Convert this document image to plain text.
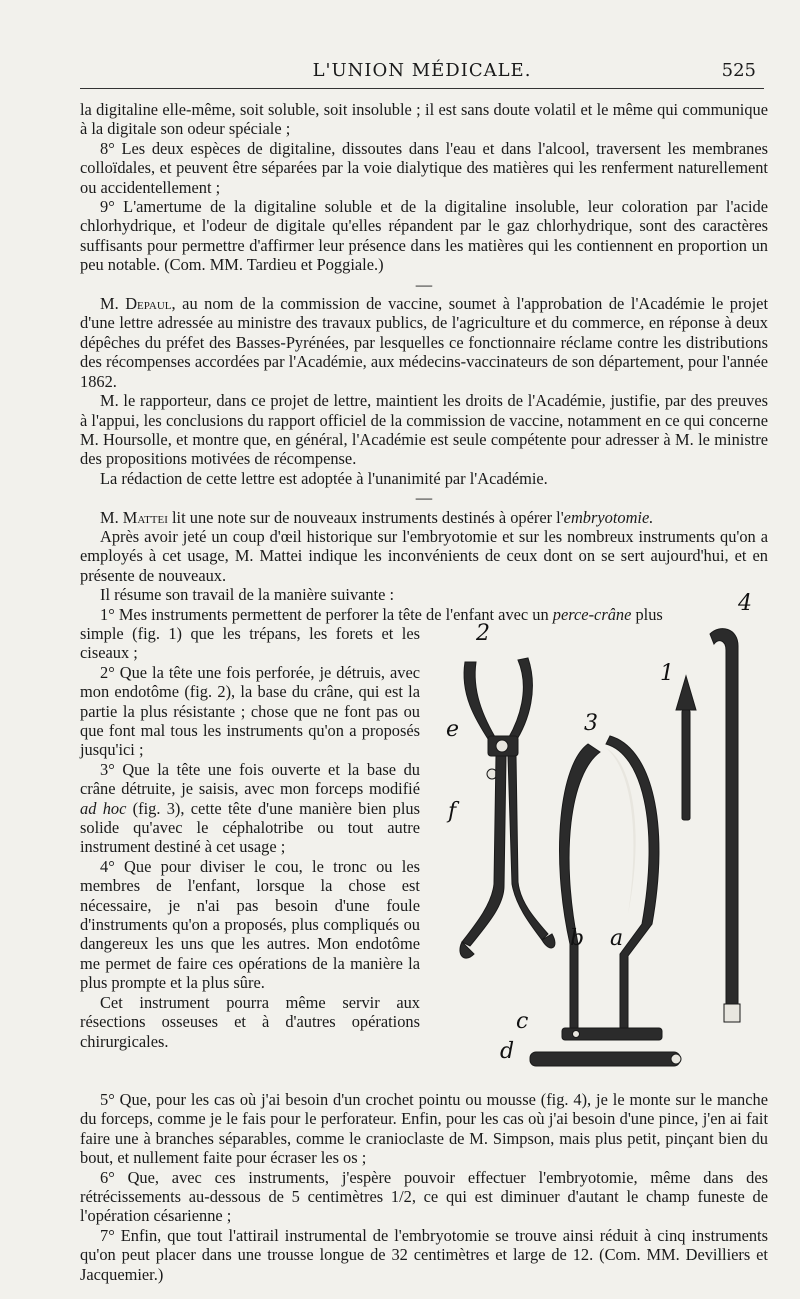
L'UNION MÉDICALE.	525

la digitaline elle-même, soit soluble, soit insoluble ; il est sans doute volatil et le même qui communique à la digitale son odeur spéciale ;

8° Les deux espèces de digitaline, dissoutes dans l'eau et dans l'alcool, traversent les membranes colloïdales, et peuvent être séparées par la voie dialytique des matières qui les renferment naturellement ou accidentellement ;

9° L'amertume de la digitaline soluble et de la digitaline insoluble, leur coloration par l'acide chlorhydrique, et l'odeur de digitale qu'elles répandent par le gaz chlorhydrique, sont des caractères suffisants pour permettre d'affirmer leur présence dans les matières qui les contiennent en proportion un peu notable. (Com. MM. Tardieu et Poggiale.)

—

M. Depaul, au nom de la commission de vaccine, soumet à l'approbation de l'Académie le projet d'une lettre adressée au ministre des travaux publics, de l'agriculture et du commerce, en réponse à deux dépêches du préfet des Basses-Pyrénées, par lesquelles ce fonctionnaire réclame contre les distributions des récompenses accordées par l'Académie, aux médecins-vaccinateurs de son département, pour l'année 1862.

M. le rapporteur, dans ce projet de lettre, maintient les droits de l'Académie, justifie, par des preuves à l'appui, les conclusions du rapport officiel de la commission de vaccine, notamment en ce qui concerne M. Hoursolle, et montre que, en général, l'Académie est seule compétente pour adresser à M. le ministre des propositions motivées de récompense.

La rédaction de cette lettre est adoptée à l'unanimité par l'Académie.

—

M. Mattei lit une note sur de nouveaux instruments destinés à opérer l'embryotomie.

Après avoir jeté un coup d'œil historique sur l'embryotomie et sur les nombreux instruments qu'on a employés à cet usage, M. Mattei indique les inconvénients de ceux dont on se sert aujourd'hui, et en présente de nouveaux.

Il résume son travail de la manière suivante :

1° Mes instruments permettent de perforer la tête de l'enfant avec un perce-crâne plus

simple (fig. 1) que les trépans, les forets et les ciseaux ;

2° Que la tête une fois perforée, je détruis, avec mon endotôme (fig. 2), la base du crâne, qui est la partie la plus résistante ; chose que ne font pas ou que font mal tous les instruments qu'on a proposés jusqu'ici ;

3° Que la tête une fois ouverte et la base du crâne détruite, je saisis, avec mon forceps modifié ad hoc (fig. 3), cette tête d'une manière bien plus solide qu'avec le céphalotribe ou tout autre instrument destiné à cet usage ;

4° Que pour diviser le cou, le tronc ou les membres de l'enfant, lorsque la chose est nécessaire, je n'ai pas besoin d'une foule d'instruments qu'on a proposés, plus compliqués ou dangereux les uns que les autres. Mon endotôme me permet de faire ces opérations de la manière la plus prompte et la plus sûre.

Cet instrument pourra même servir aux résections osseuses et à d'autres opérations chirurgicales.

2
1
4
3
e
f
b a
c
d

5° Que, pour les cas où j'ai besoin d'un crochet pointu ou mousse (fig. 4), je le monte sur le manche du forceps, comme je le fais pour le perforateur. Enfin, pour les cas où j'ai besoin d'une pince, j'en ai fait faire une à branches séparables, comme le cranioclaste de M. Simpson, mais plus petit, pinçant bien du bout, et nullement faite pour écraser les os ;

6° Que, avec ces instruments, j'espère pouvoir effectuer l'embryotomie, même dans des rétrécissements au-dessous de 5 centimètres 1/2, ce qui est diminuer d'autant le champ funeste de l'opération césarienne ;

7° Enfin, que tout l'attirail instrumental de l'embryotomie se trouve ainsi réduit à cinq instruments qu'on peut placer dans une trousse longue de 32 centimètres et large de 12. (Com. MM. Devilliers et Jacquemier.)
